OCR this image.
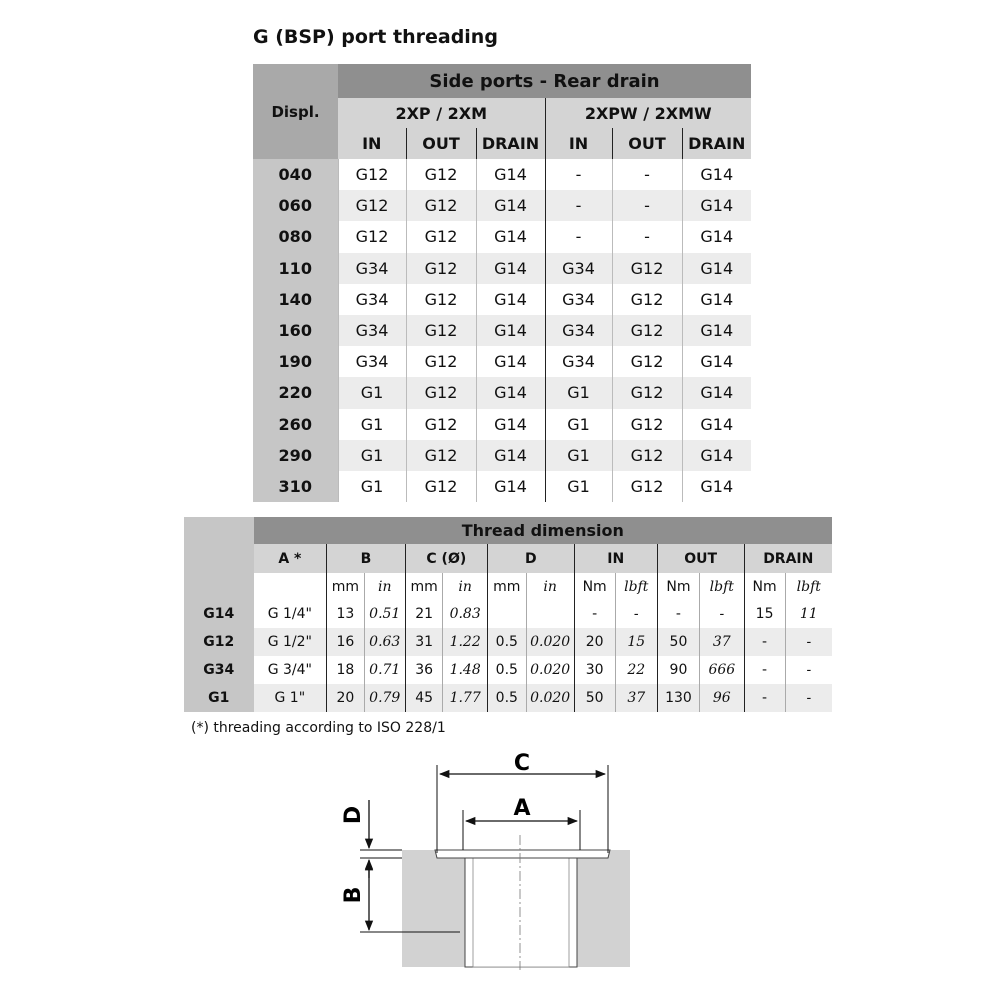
G (BSP) port threading
Displ.	Side ports - Rear drain					
	2XP / 2XM			2XPW / 2XMW		
	IN	OUT	DRAIN	IN	OUT	DRAIN
040	G12	G12	G14	-	-	G14
060	G12	G12	G14	-	-	G14
080	G12	G12	G14	-	-	G14
110	G34	G12	G14	G34	G12	G14
140	G34	G12	G14	G34	G12	G14
160	G34	G12	G14	G34	G12	G14
190	G34	G12	G14	G34	G12	G14
220	G1	G12	G14	G1	G12	G14
260	G1	G12	G14	G1	G12	G14
290	G1	G12	G14	G1	G12	G14
310	G1	G12	G14	G1	G12	G14
	Thread dimension												
	A *	B		C (Ø)		D		IN		OUT		DRAIN	
		mm	in	mm	in	mm	in	Nm	lbft	Nm	lbft	Nm	lbft
G14	G 1/4"	13	0.51	21	0.83			-	-	-	-	15	11
G12	G 1/2"	16	0.63	31	1.22	0.5	0.020	20	15	50	37	-	-
G34	G 3/4"	18	0.71	36	1.48	0.5	0.020	30	22	90	666	-	-
G1	G 1"	20	0.79	45	1.77	0.5	0.020	50	37	130	96	-	-
(*) threading according to ISO 228/1
C
A
D
B
